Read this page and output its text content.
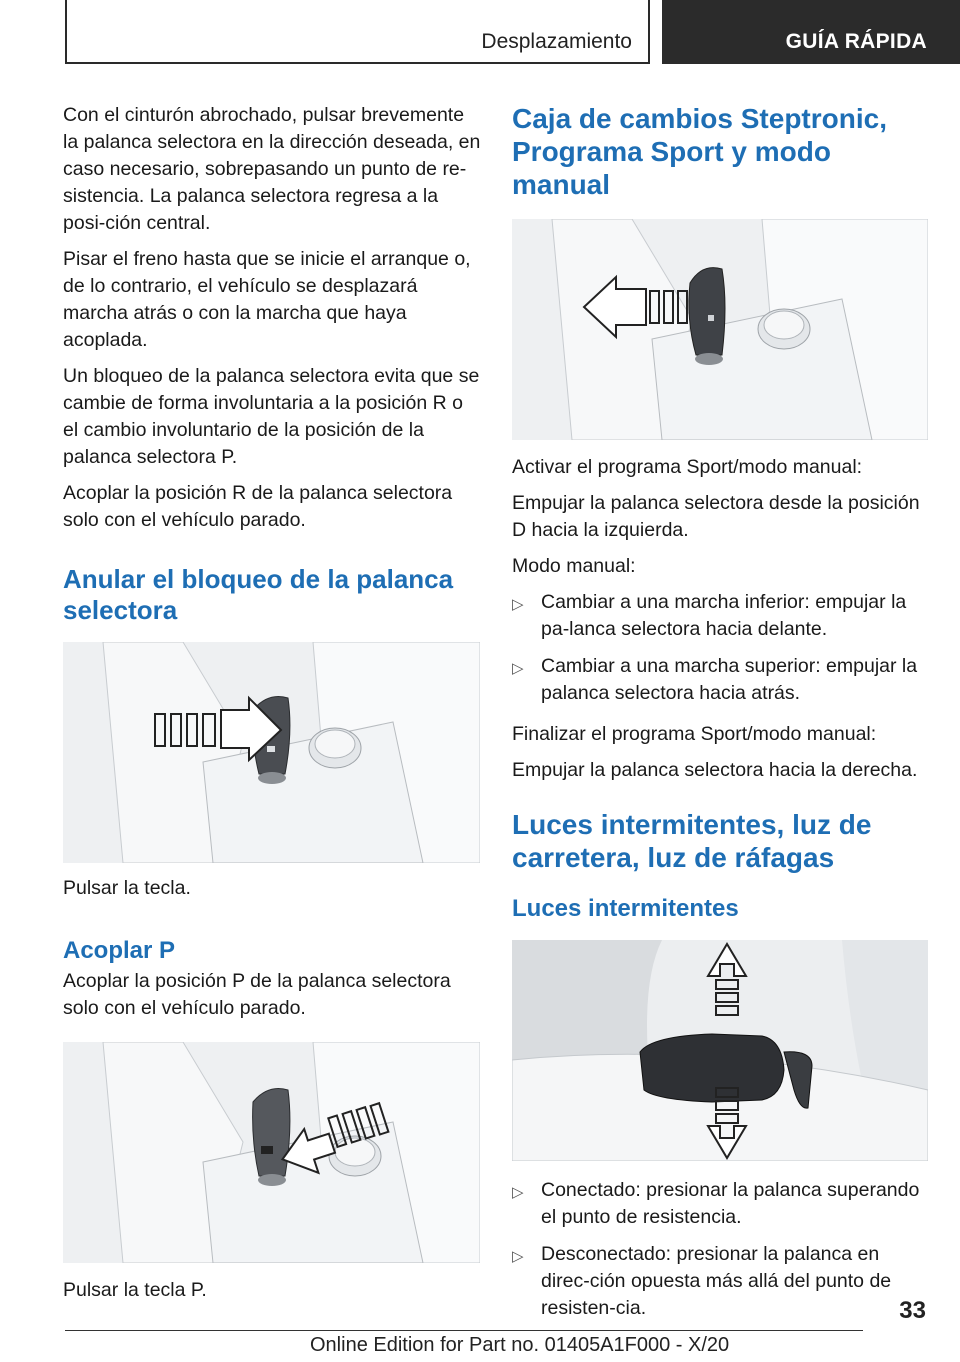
Desplazamiento	GUÍA RÁPIDA

Con el cinturón abrochado, pulsar brevemente la palanca selectora en la dirección deseada, en caso necesario, sobrepasando un punto de re-sistencia. La palanca selectora regresa a la posi-ción central.

Pisar el freno hasta que se inicie el arranque o, de lo contrario, el vehículo se desplazará marcha atrás o con la marcha que haya acoplada.

Un bloqueo de la palanca selectora evita que se cambie de forma involuntaria a la posición R o el cambio involuntario de la posición de la palanca selectora P.

Acoplar la posición R de la palanca selectora solo con el vehículo parado.

Anular el bloqueo de la palanca selectora

Pulsar la tecla.

Acoplar P

Acoplar la posición P de la palanca selectora solo con el vehículo parado.

Pulsar la tecla P.

Caja de cambios Steptronic, Programa Sport y modo manual

Activar el programa Sport/modo manual:

Empujar la palanca selectora desde la posición D hacia la izquierda.

Modo manual:

▷ Cambiar a una marcha inferior: empujar la pa-lanca selectora hacia delante.
▷ Cambiar a una marcha superior: empujar la palanca selectora hacia atrás.

Finalizar el programa Sport/modo manual:

Empujar la palanca selectora hacia la derecha.

Luces intermitentes, luz de carretera, luz de ráfagas
Luces intermitentes
▷ Conectado: presionar la palanca superando el punto de resistencia.
▷ Desconectado: presionar la palanca en direc-ción opuesta más allá del punto de resisten-cia.	33
Online Edition for Part no. 01405A1F000 - X/20
